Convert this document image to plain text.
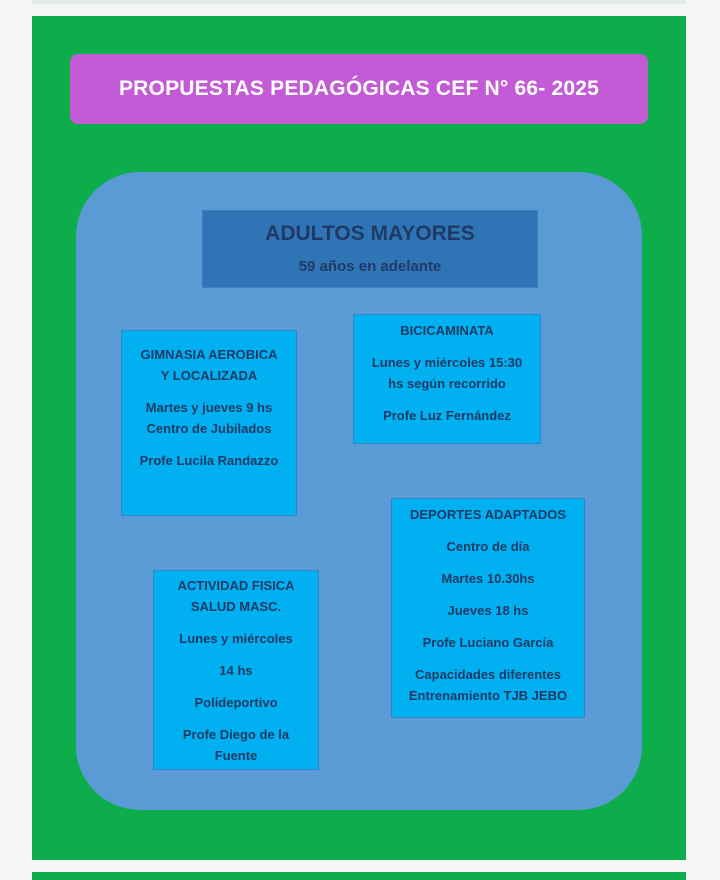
PROPUESTAS PEDAGÓGICAS CEF N° 66- 2025
ADULTOS MAYORES
59 años en adelante
GIMNASIA AEROBICA
Y LOCALIZADA
Martes y jueves 9 hs
Centro de Jubilados
Profe Lucila Randazzo
BICICAMINATA
Lunes y miércoles 15:30
hs según recorrido
Profe Luz Fernández
DEPORTES ADAPTADOS
Centro de día
Martes 10.30hs
Jueves 18 hs
Profe Luciano García
Capacidades diferentes
Entrenamiento TJB JEBO
ACTIVIDAD FISICA
SALUD MASC.
Lunes y miércoles
14 hs
Polideportivo
Profe Diego de la
Fuente
